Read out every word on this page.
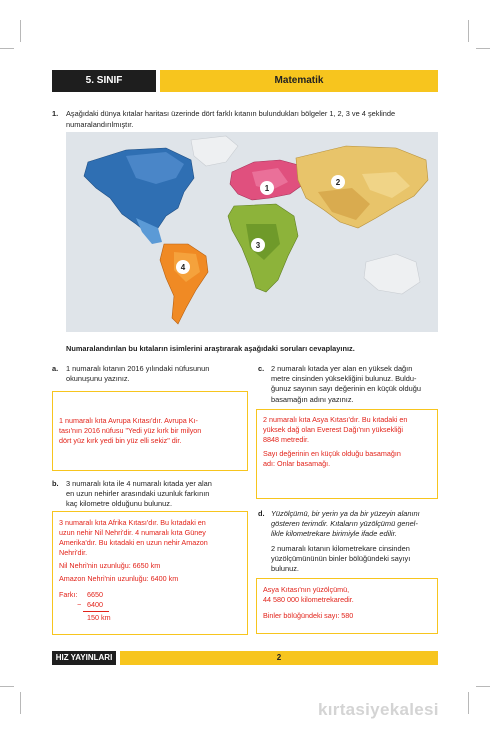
5. SINIF	Matematik
1. Aşağıdaki dünya kıtalar haritası üzerinde dört farklı kıtanın bulundukları bölgeler 1, 2, 3 ve 4 şeklinde numaralandırılmıştır.
1
2
3
4
Numaralandırılan bu kıtaların isimlerini araştırarak aşağıdaki soruları cevaplayınız.
a. 1 numaralı kıtanın 2016 yılındaki nüfusunun
okunuşunu yazınız.
1 numaralı kıta Avrupa Kıtası'dır. Avrupa Kı-
tası'nın 2016 nüfusu "Yedi yüz kırk bir milyon
dört yüz kırk yedi bin yüz elli sekiz" dir.
b. 3 numaralı kıta ile 4 numaralı kıtada yer alan
en uzun nehirler arasındaki uzunluk farkının
kaç kilometre olduğunu bulunuz.
3 numaralı kıta Afrika Kıtası'dır. Bu kıtadaki en
uzun nehir Nil Nehri'dir. 4 numaralı kıta Güney
Amerika'dır. Bu kıtadaki en uzun nehir Amazon
Nehri'dir.
Nil Nehri'nin uzunluğu: 6650 km
Amazon Nehri'nin uzunluğu: 6400 km
Farkı: 6650
− 6400
150 km
c. 2 numaralı kıtada yer alan en yüksek dağın
metre cinsinden yüksekliğini bulunuz. Buldu-
ğunuz sayının sayı değerinin en küçük olduğu
basamağın adını yazınız.
2 numaralı kıta Asya Kıtası'dır. Bu kıtadaki en
yüksek dağ olan Everest Dağı'nın yüksekliği
8848 metredir.
Sayı değerinin en küçük olduğu basamağın
adı: Onlar basamağı.
d. Yüzölçümü, bir yerin ya da bir yüzeyin alanını
gösteren terimdir. Kıtaların yüzölçümü genel-
likle kilometrekare birimiyle ifade edilir.
2 numaralı kıtanın kilometrekare cinsinden
yüzölçümününün binler bölüğündeki sayıyı
bulunuz.
Asya Kıtası'nın yüzölçümü,
44 580 000 kilometrekaredir.
Binler bölüğündeki sayı: 580
HIZ YAYINLARI	2
kırtasiyekalesi
